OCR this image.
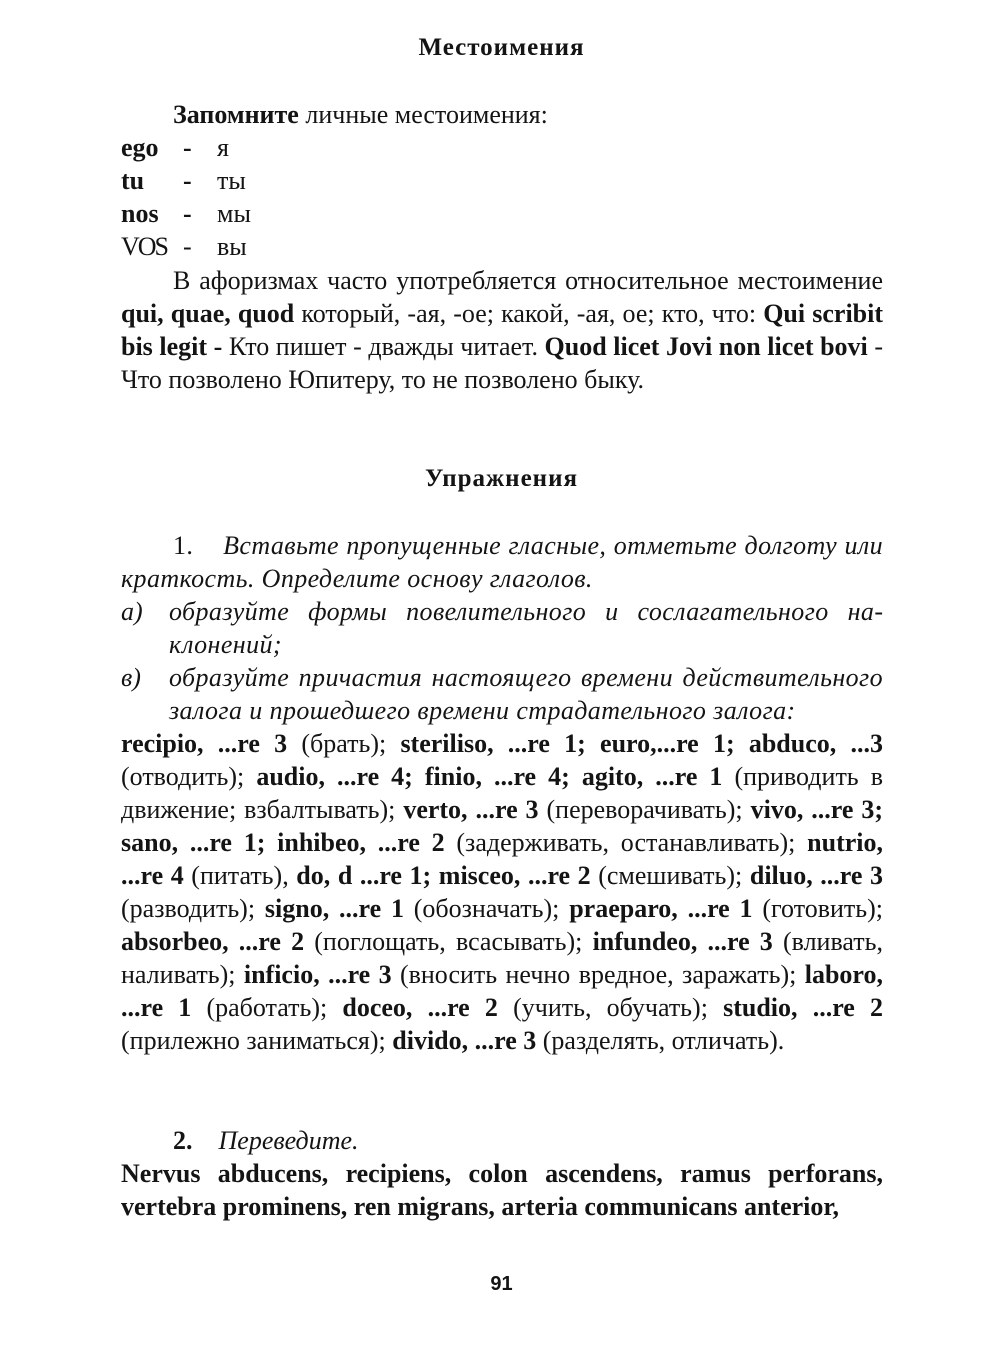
Местоимения

Запомните личные местоимения:

ego - я
tu	- ты
nos - мы
VOS - вы

В афоризмах часто употребляется относительное местоимение qui, quae, quod который, -ая, -ое; какой, -ая, ое; кто, что: Qui scribit bis legit - Кто пишет - дважды читает. Quod licet Jovi non licet bovi - Что позволено Юпитеру, то не позволено быку.

Упражнения

1. Вставьте пропущенные гласные, отметьте долготу или краткость. Определите основу глаголов.

а)	образуйте формы повелительного и сослагательного наклонений;
в)	образуйте причастия настоящего времени действительного залога и прошедшего времени страдательного залога:

recipio, ...re 3 (брать); steriliso, ...re 1; euro,...re 1; abduco, ...3 (отводить); audio, ...re 4; finio, ...re 4; agito, ...re 1 (приводить в движение; взбалтывать); verto, ...re 3 (переворачивать); vivo, ...re 3; sano, ...re 1; inhibeo, ...re 2 (задерживать, останавливать); nutrio, ...re 4 (питать), do, d ...re 1; misceo, ...re 2 (смешивать); diluo, ...re 3 (разводить); signo, ...re 1 (обозначать); praeparo, ...re 1 (готовить); absorbeo, ...re 2 (поглощать, всасывать); infundeo, ...re 3 (вливать, наливать); inficio, ...re 3 (вносить нечно вредное, заражать); laboro, ...re 1 (работать); doceo, ...re 2 (учить, обучать); studio, ...re 2 (прилежно заниматься); divido, ...re 3 (разделять, отличать).

2. Переведите.

Nervus abducens, recipiens, colon ascendens, ramus perforans, vertebra prominens, ren migrans, arteria communicans anterior,

91
